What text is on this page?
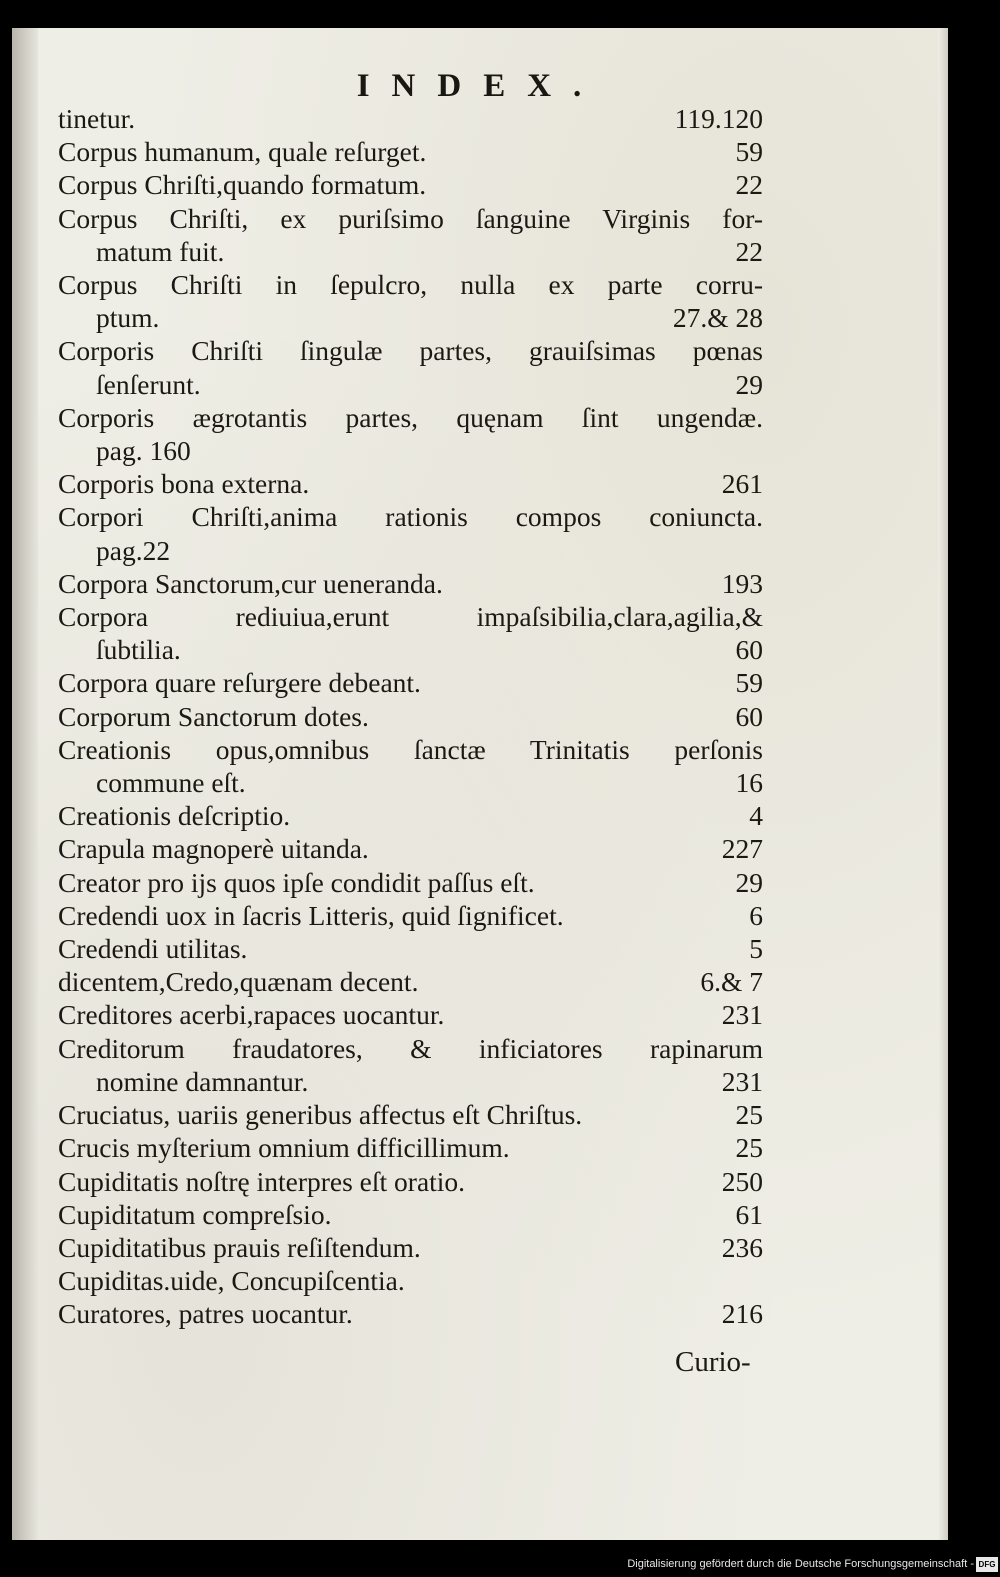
INDEX.
tinetur.	119.120
Corpus humanum, quale reſurget.	59
Corpus Chriſti,quando formatum.	22
Corpus Chriſti, ex puriſsimo ſanguine Virginis for-
matum fuit.	22
Corpus Chriſti in ſepulcro, nulla ex parte corru-
ptum.	27.& 28
Corporis Chriſti ſingulæ partes, grauiſsimas pœnas
ſenſerunt.	29
Corporis ægrotantis partes, quęnam ſint ungendæ.
pag. 160
Corporis bona externa.	261
Corpori Chriſti,anima rationis compos coniuncta.
pag.22
Corpora Sanctorum,cur ueneranda.	193
Corpora rediuiua,erunt impaſsibilia,clara,agilia,&
ſubtilia.	60
Corpora quare reſurgere debeant.	59
Corporum Sanctorum dotes.	60
Creationis opus,omnibus ſanctæ Trinitatis perſonis
commune eſt.	16
Creationis deſcriptio.	4
Crapula magnoperè uitanda.	227
Creator pro ijs quos ipſe condidit paſſus eſt.	29
Credendi uox in ſacris Litteris, quid ſignificet.	6
Credendi utilitas.	5
dicentem,Credo,quænam decent.	6.& 7
Creditores acerbi,rapaces uocantur.	231
Creditorum fraudatores, & inficiatores rapinarum
nomine damnantur.	231
Cruciatus, uariis generibus affectus eſt Chriſtus.	25
Crucis myſterium omnium difficillimum.	25
Cupiditatis noſtrę interpres eſt oratio.	250
Cupiditatum compreſsio.	61
Cupiditatibus prauis reſiſtendum.	236
Cupiditas.uide, Concupiſcentia.
Curatores, patres uocantur.	216
Curio-
Digitalisierung gefördert durch die Deutsche Forschungsgemeinschaft - DFG
